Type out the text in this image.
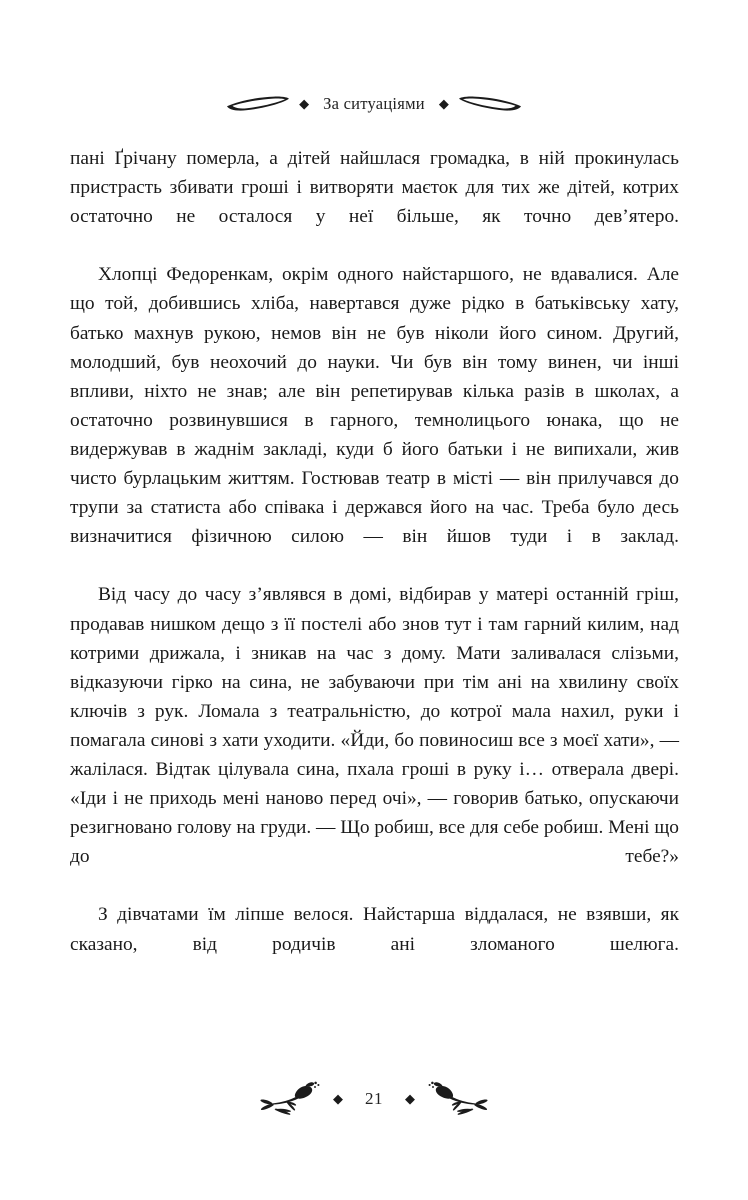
◆ За ситуаціями	◆

пані Ґрічану померла, а дітей найшлася громадка, в ній прокинулась пристрасть збивати гроші і витворяти маєток для тих же дітей, котрих остаточно не осталося у неї більше, як точно дев’ятеро.

Хлопці Федоренкам, окрім одного найстаршого, не вдавалися. Але що той, добившись хліба, навертався дуже рідко в батьківську хату, батько махнув рукою, немов він не був ніколи його сином. Другий, молодший, був неохочий до науки. Чи був він тому винен, чи інші впливи, ніхто не знав; але він репетирував кілька разів в школах, а остаточно розвинувшися в гарного, темнолицього юнака, що не видержував в жаднім закладі, куди б його батьки і не випихали, жив чисто бурлацьким життям. Гостював театр в місті — він прилучався до трупи за статиста або співака і держався його на час. Треба було десь визначитися фізичною силою — він йшов туди і в заклад.

Від часу до часу з’являвся в домі, відбирав у матері останній гріш, продавав нишком дещо з її постелі або знов тут і там гарний килим, над котрими дрижала, і зникав на час з дому. Мати заливалася слізьми, відказуючи гірко на сина, не забуваючи при тім ані на хвилину своїх ключів з рук. Ломала з театральністю, до котрої мала нахил, руки і помагала синові з хати уходити. «Йди, бо повиносиш все з моєї хати», — жалілася. Відтак цілувала сина, пхала гроші в руку і… отверала двері. «Іди і не приходь мені наново перед очі», — говорив батько, опускаючи резигновано голову на груди. — Що робиш, все для себе робиш. Мені що до тебе?»

З дівчатами їм ліпше велося. Найстарша віддалася, не взявши, як сказано, від родичів ані зломаного шелюга.

◆	21	◆
